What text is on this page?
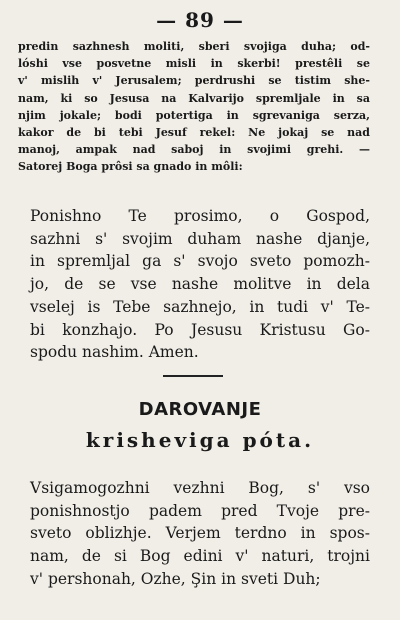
— 89 —
predin sazhnesh moliti, sberi svojiga duha; od-
lóshi vse posvetne misli in skerbi! prestêli se
v' mislih v' Jerusalem; perdrushi se tistim she-
nam, ki so Jesusa na Kalvarijo spremljale in sa
njim jokale; bodi potertiga in sgrevaniga serza,
kakor de bi tebi Jesuf rekel: Ne jokaj se nad
manoj, ampak nad saboj in svojimi grehi. —
Satorej Boga prôsi sa gnado in môli:
Ponishno Te prosimo, o Gospod,
sazhni s' svojim duham nashe djanje,
in spremljal ga s' svojo sveto pomozh-
jo, de se vse nashe molitve in dela
vselej is Tebe sazhnejo, in tudi v' Te-
bi konzhajo. Po Jesusu Kristusu Go-
spodu nashim. Amen.
DAROVANJE
krisheviga póta.
Vsigamogozhni vezhni Bog, s' vso
ponishnostjo padem pred Tvoje pre-
sveto oblizhje. Verjem terdno in spos-
nam, de si Bog edini v' naturi, trojni
v' pershonah, Ozhe, Şin in sveti Duh;
